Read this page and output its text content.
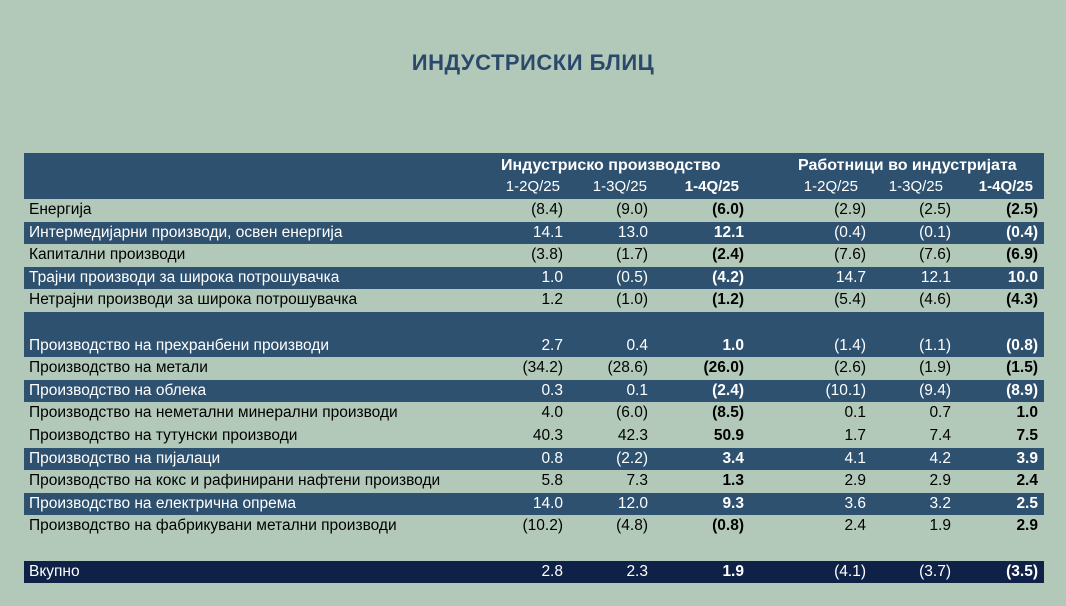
ИНДУСТРИСКИ БЛИЦ
Индустриско производство	Работници во индустријата
1-2Q/25	1-3Q/25	1-4Q/25	1-2Q/25	1-3Q/25	1-4Q/25
Енергија	(8.4)	(9.0)	(6.0)	(2.9)	(2.5)	(2.5)
Интермедијарни производи, освен енергија	14.1	13.0	12.1	(0.4)	(0.1)	(0.4)
Капитални производи	(3.8)	(1.7)	(2.4)	(7.6)	(7.6)	(6.9)
Трајни производи за широка потрошувачка	1.0	(0.5)	(4.2)	14.7	12.1	10.0
Нетрајни производи за широка потрошувачка	1.2	(1.0)	(1.2)	(5.4)	(4.6)	(4.3)
Производство на прехранбени производи	2.7	0.4	1.0	(1.4)	(1.1)	(0.8)
Производство на метали	(34.2)	(28.6)	(26.0)	(2.6)	(1.9)	(1.5)
Производство на облека	0.3	0.1	(2.4)	(10.1)	(9.4)	(8.9)
Производство на неметални минерални производи	4.0	(6.0)	(8.5)	0.1	0.7	1.0
Производство на тутунски производи	40.3	42.3	50.9	1.7	7.4	7.5
Производство на пијалаци	0.8	(2.2)	3.4	4.1	4.2	3.9
Производство на кокс и рафинирани нафтени производи	5.8	7.3	1.3	2.9	2.9	2.4
Производство на електрична опрема	14.0	12.0	9.3	3.6	3.2	2.5
Производство на фабрикувани метални производи	(10.2)	(4.8)	(0.8)	2.4	1.9	2.9
Вкупно	2.8	2.3	1.9	(4.1)	(3.7)	(3.5)
